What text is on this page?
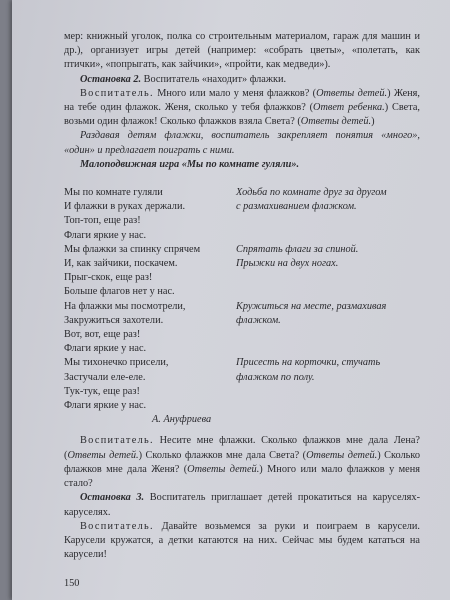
мер: книжный уголок, полка со строительным материалом, гараж для машин и др.), организует игры детей (например: «собрать цветы», «полетать, как птички», «попрыгать, как зайчики», «пройти, как медведи»).

Остановка 2. Воспитатель «находит» флажки.

Воспитатель. Много или мало у меня флажков? (Ответы детей.) Женя, на тебе один флажок. Женя, сколько у тебя флажков? (Ответ ребенка.) Света, возьми один флажок! Сколько флажков взяла Света? (Ответы детей.)

Раздавая детям флажки, воспитатель закрепляет понятия «много», «один» и предлагает поиграть с ними.

Малоподвижная игра «Мы по комнате гуляли».

Мы по комнате гуляли
И флажки в руках держали.
Топ-топ, еще раз!
Флаги яркие у нас.
Мы флажки за спинку спрячем
И, как зайчики, поскачем.
Прыг-скок, еще раз!
Больше флагов нет у нас.
На флажки мы посмотрели,
Закружиться захотели.
Вот, вот, еще раз!
Флаги яркие у нас.
Мы тихонечко присели,
Застучали еле-еле.
Тук-тук, еще раз!
Флаги яркие у нас.
А. Ануфриева
Ходьба по комнате друг за другом
с размахиванием флажком.

Спрятать флаги за спиной.
Прыжки на двух ногах.

Кружиться на месте, размахивая
флажком.

Присесть на корточки, стучать
флажком по полу.

Воспитатель. Несите мне флажки. Сколько флажков мне дала Лена? (Ответы детей.) Сколько флажков мне дала Света? (Ответы детей.) Сколько флажков мне дала Женя? (Ответы детей.) Много или мало флажков у меня стало?

Остановка 3. Воспитатель приглашает детей прокатиться на каруселях-каруселях.

Воспитатель. Давайте возьмемся за руки и поиграем в карусели. Карусели кружатся, а детки катаются на них. Сейчас мы будем кататься на карусели!

150
